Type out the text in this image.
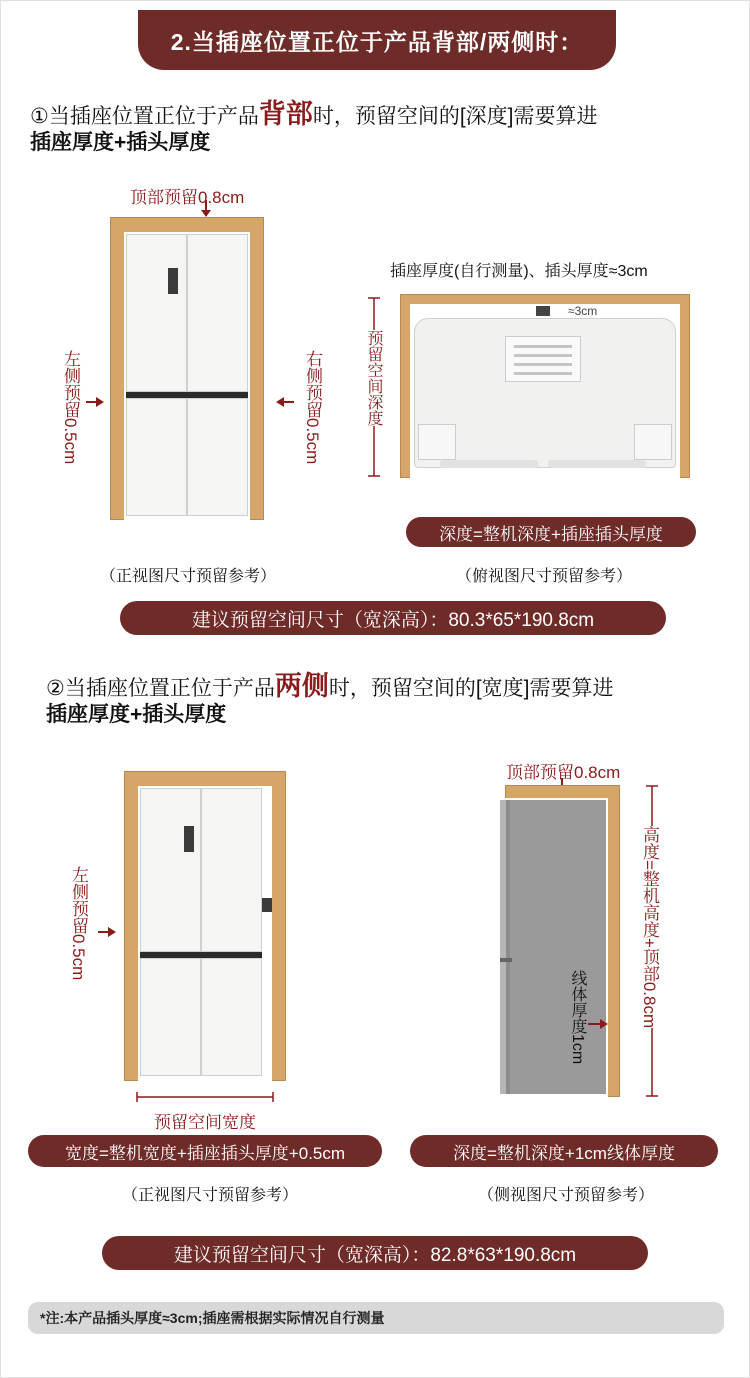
2.当插座位置正位于产品背部/两侧时：
①当插座位置正位于产品背部时，预留空间的[深度]需要算进
插座厚度+插头厚度
顶部预留0.8cm
左侧预留0.5cm	右侧预留0.5cm
插座厚度(自行测量)、插头厚度≈3cm
预留空间深度
≈3cm
深度=整机深度+插座插头厚度
（正视图尺寸预留参考）	（俯视图尺寸预留参考）
建议预留空间尺寸（宽深高）：80.3*65*190.8cm
②当插座位置正位于产品两侧时，预留空间的[宽度]需要算进
插座厚度+插头厚度
左侧预留0.5cm
预留空间宽度
顶部预留0.8cm
线体厚度1cm	高度=整机高度+顶部0.8cm
宽度=整机宽度+插座插头厚度+0.5cm	深度=整机深度+1cm线体厚度
（正视图尺寸预留参考）	（侧视图尺寸预留参考）
建议预留空间尺寸（宽深高）：82.8*63*190.8cm
*注:本产品插头厚度≈3cm;插座需根据实际情况自行测量
